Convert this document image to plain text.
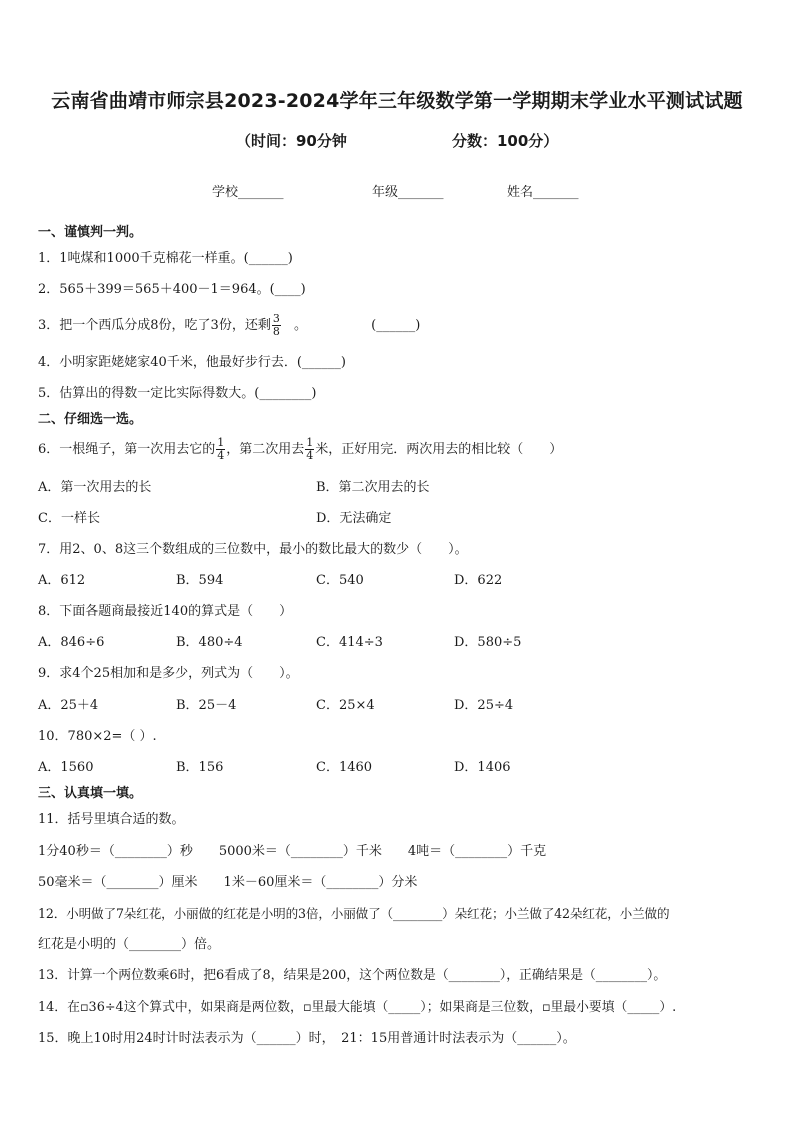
云南省曲靖市师宗县2023-2024学年三年级数学第一学期期末学业水平测试试题
（时间：90分钟	分数：100分）
学校_______	年级_______	姓名_______
一、谨慎判一判。
1．1吨煤和1000千克棉花一样重。(______)
2．565＋399＝565＋400－1＝964。(____)
3．把一个西瓜分成8份，吃了3份，还剩 $\frac{3}{8}$ 。	(______)
4．小明家距姥姥家40千米，他最好步行去．(______)
5．估算出的得数一定比实际得数大。(________)
二、仔细选一选。
6．一根绳子，第一次用去它的 $\frac{1}{4}$ ，第二次用去 $\frac{1}{4}$ 米，正好用完．两次用去的相比较（　　）
A．第一次用去的长	B．第二次用去的长
C．一样长	D．无法确定
7．用2、0、8这三个数组成的三位数中，最小的数比最大的数少（　　）。
A．612	B．594	C．540	D．622
8．下面各题商最接近140的算式是（　　）
A．846÷6	B．480÷4	C．414÷3	D．580÷5
9．求4个25相加和是多少，列式为（　　）。
A．25＋4	B．25－4	C．25×4	D．25÷4
10．780×2=（ ）.
A．1560	B．156	C．1460	D．1406
三、认真填一填。
11．括号里填合适的数。
1分40秒＝（________）秒　　5000米＝（________）千米　　4吨＝（________）千克
50毫米＝（________）厘米　　1米－60厘米＝（________）分米
12．小明做了7朵红花，小丽做的红花是小明的3倍，小丽做了（________）朵红花；小兰做了42朵红花，小兰做的
红花是小明的（________）倍。
13．计算一个两位数乘6时，把6看成了8，结果是200，这个两位数是（________），正确结果是（________）。
14．在▫36÷4这个算式中，如果商是两位数，▫里最大能填（_____）；如果商是三位数，▫里最小要填（_____）.
15．晚上10时用24时计时法表示为（______）时，　21：15用普通计时法表示为（______）。
